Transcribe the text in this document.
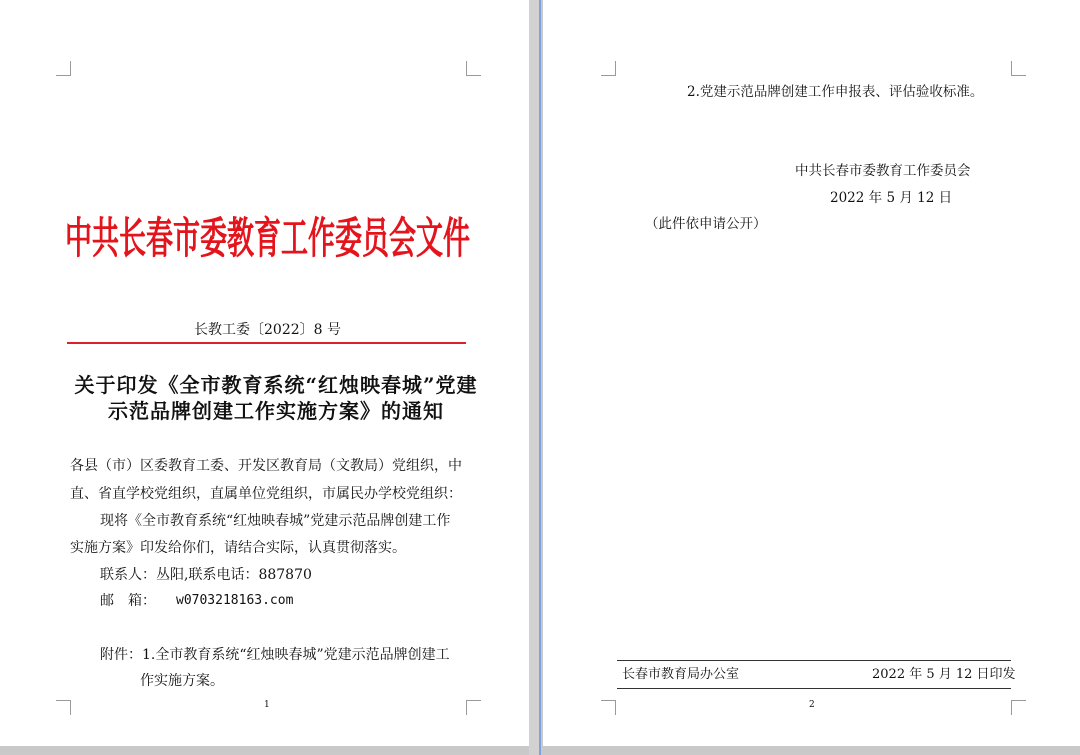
中共长春市委教育工作委员会文件
长教工委〔2022〕8 号
关于印发《全市教育系统“红烛映春城”党建
示范品牌创建工作实施方案》的通知
各县（市）区委教育工委、开发区教育局（文教局）党组织，中
直、省直学校党组织，直属单位党组织，市属民办学校党组织：
现将《全市教育系统“红烛映春城”党建示范品牌创建工作
实施方案》印发给你们，请结合实际，认真贯彻落实。
联系人：丛阳,联系电话：887870
邮　箱： w0703218163.com
附件：1.全市教育系统“红烛映春城”党建示范品牌创建工
作实施方案。
1
2.党建示范品牌创建工作申报表、评估验收标准。
中共长春市委教育工作委员会
2022 年 5 月 12 日
（此件依申请公开）
长春市教育局办公室	2022 年 5 月 12 日印发
2
